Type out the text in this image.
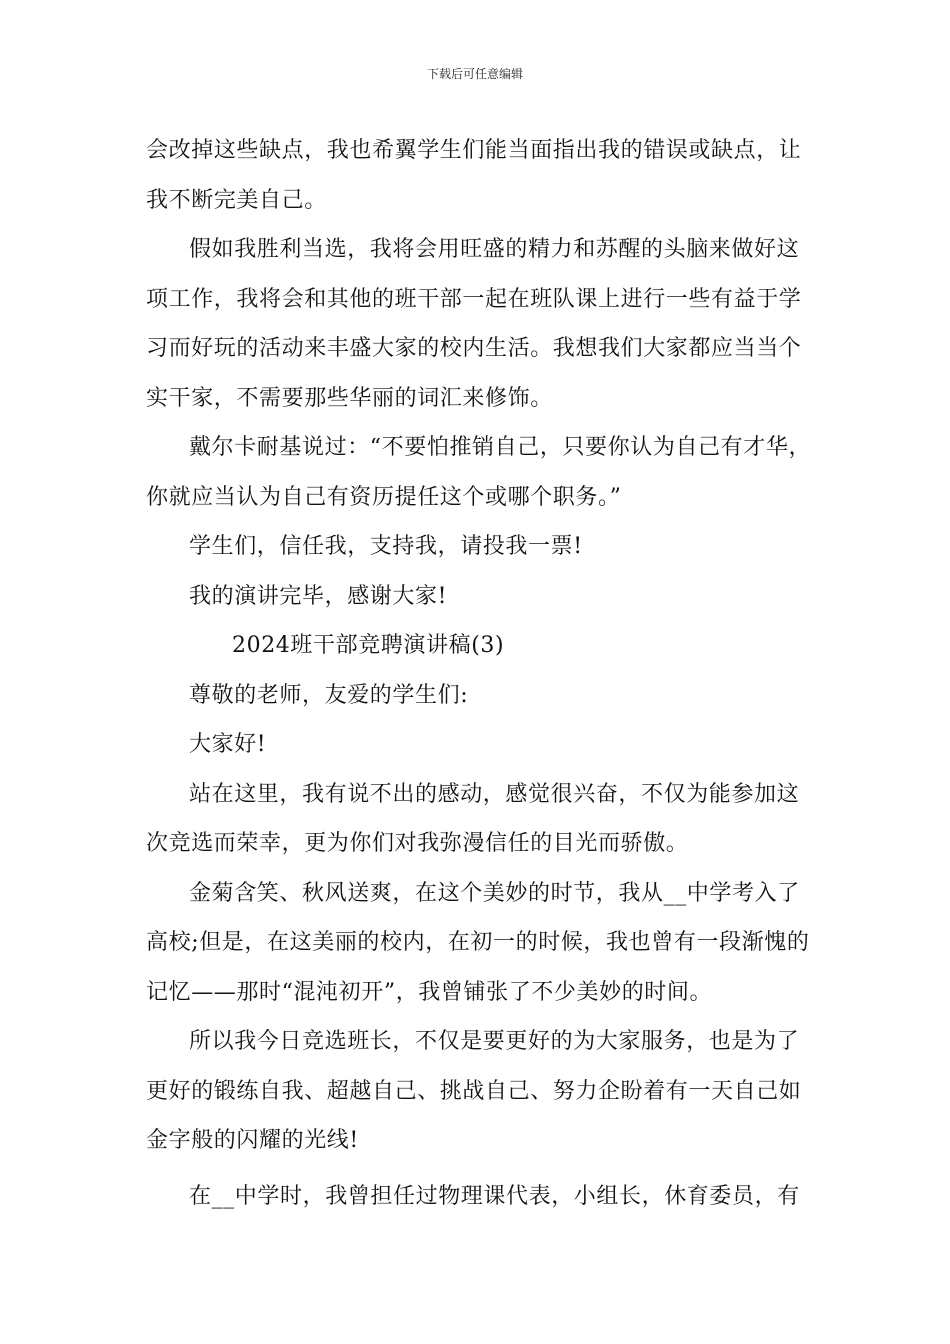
下载后可任意编辑
会改掉这些缺点，我也希翼学生们能当面指出我的错误或缺点，让
我不断完美自己。
假如我胜利当选，我将会用旺盛的精力和苏醒的头脑来做好这
项工作，我将会和其他的班干部一起在班队课上进行一些有益于学
习而好玩的活动来丰盛大家的校内生活。我想我们大家都应当当个
实干家，不需要那些华丽的词汇来修饰。
戴尔卡耐基说过：“不要怕推销自己，只要你认为自己有才华，
你就应当认为自己有资历提任这个或哪个职务。”
学生们，信任我，支持我，请投我一票!
我的演讲完毕，感谢大家!
2024班干部竞聘演讲稿(3)
尊敬的老师，友爱的学生们:
大家好!
站在这里，我有说不出的感动，感觉很兴奋，不仅为能参加这
次竞选而荣幸，更为你们对我弥漫信任的目光而骄傲。
金菊含笑、秋风送爽，在这个美妙的时节，我从__中学考入了
高校;但是，在这美丽的校内，在初一的时候，我也曾有一段渐愧的
记忆——那时“混沌初开”，我曾铺张了不少美妙的时间。
所以我今日竞选班长，不仅是要更好的为大家服务，也是为了
更好的锻练自我、超越自己、挑战自己、努力企盼着有一天自己如
金字般的闪耀的光线!
在__中学时，我曾担任过物理课代表，小组长，休育委员，有
